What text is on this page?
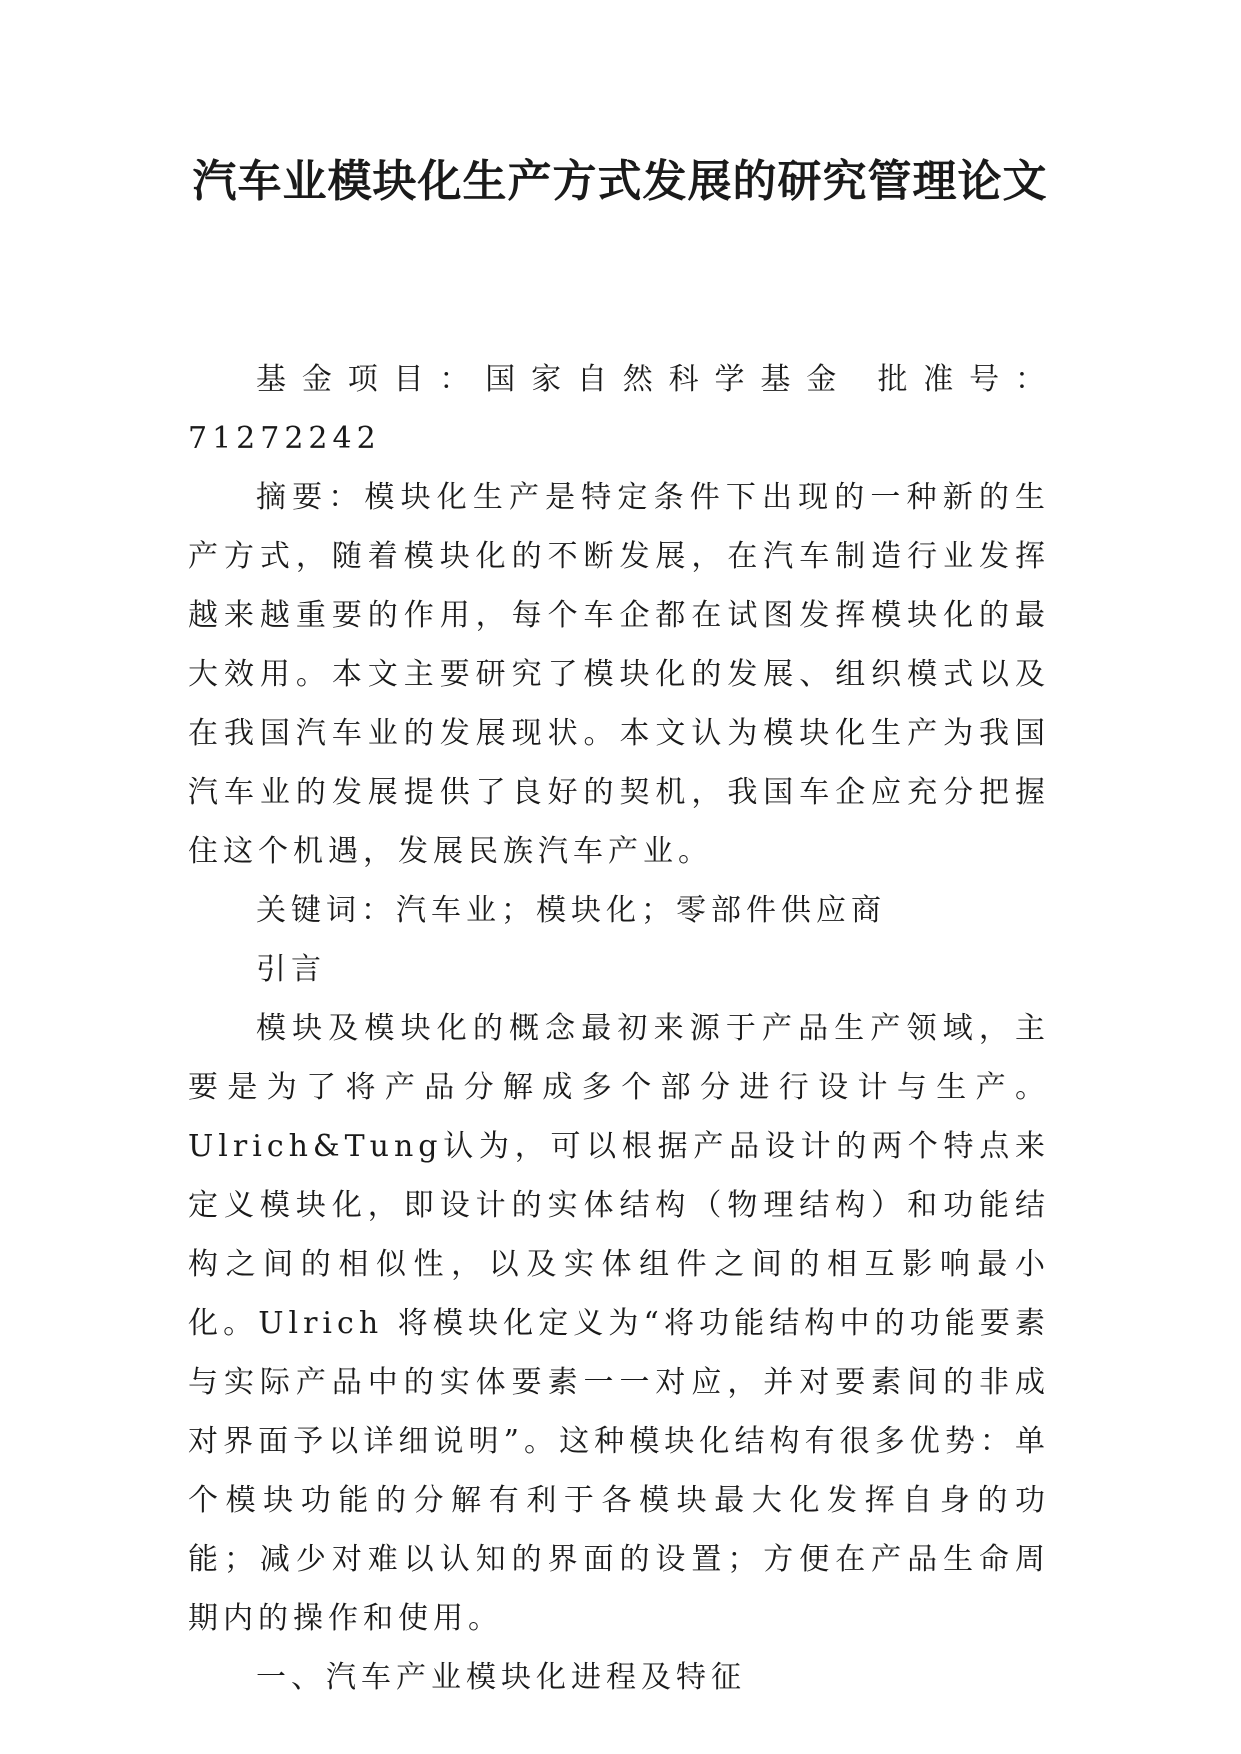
汽车业模块化生产方式发展的研究管理论文

基金项目：国家自然科学基金 批准号：71272242

摘要：模块化生产是特定条件下出现的一种新的生产方式，随着模块化的不断发展，在汽车制造行业发挥越来越重要的作用，每个车企都在试图发挥模块化的最大效用。本文主要研究了模块化的发展、组织模式以及在我国汽车业的发展现状。本文认为模块化生产为我国汽车业的发展提供了良好的契机，我国车企应充分把握住这个机遇，发展民族汽车产业。

关键词：汽车业；模块化；零部件供应商

引言

模块及模块化的概念最初来源于产品生产领域，主要是为了将产品分解成多个部分进行设计与生产。Ulrich&Tung认为，可以根据产品设计的两个特点来定义模块化，即设计的实体结构（物理结构）和功能结构之间的相似性，以及实体组件之间的相互影响最小化。Ulrich 将模块化定义为“将功能结构中的功能要素与实际产品中的实体要素一一对应，并对要素间的非成对界面予以详细说明”。这种模块化结构有很多优势：单个模块功能的分解有利于各模块最大化发挥自身的功能；减少对难以认知的界面的设置；方便在产品生命周期内的操作和使用。

一、汽车产业模块化进程及特征
